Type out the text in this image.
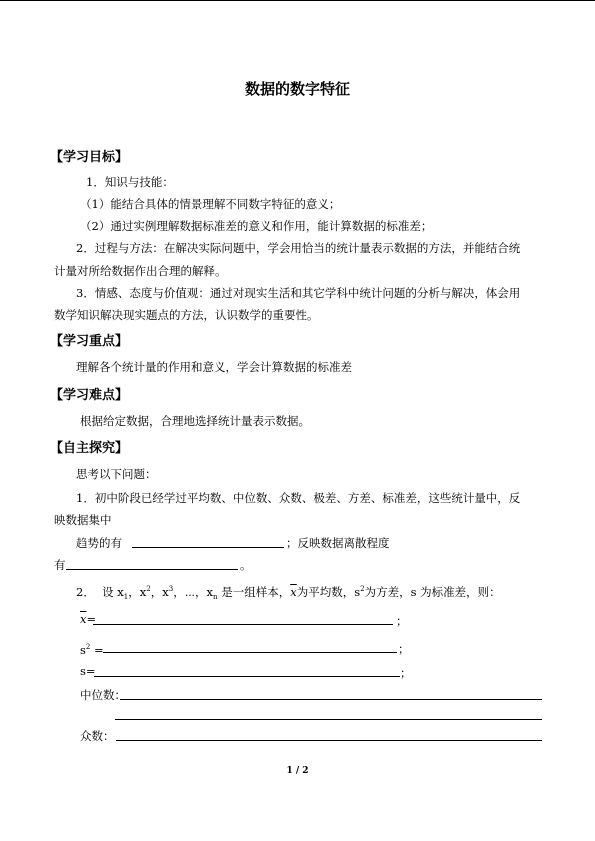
数据的数字特征
【学习目标】
1．知识与技能：
（1）能结合具体的情景理解不同数字特征的意义；
（2）通过实例理解数据标准差的意义和作用，能计算数据的标准差；
2．过程与方法：在解决实际问题中，学会用恰当的统计量表示数据的方法，并能结合统
计量对所给数据作出合理的解释。
3．情感、态度与价值观：通过对现实生活和其它学科中统计问题的分析与解决，体会用
数学知识解决现实题点的方法，认识数学的重要性。
【学习重点】
理解各个统计量的作用和意义，学会计算数据的标准差
【学习难点】
根据给定数据，合理地选择统计量表示数据。
【自主探究】
思考以下问题：
1．初中阶段已经学过平均数、中位数、众数、极差、方差、标准差，这些统计量中，反
映数据集中
趋势的有	；反映数据离散程度
有	。
2． 设 $x_1$，$x^2$，$x^3$，⋯，$x_n$ 是一组样本，$\overline{x}$为平均数，$s^2$为方差，s 为标准差，则：
$\overline{x}=$	；
$s^2$ =	；
s=	；
中位数：
众数：
1 / 2
